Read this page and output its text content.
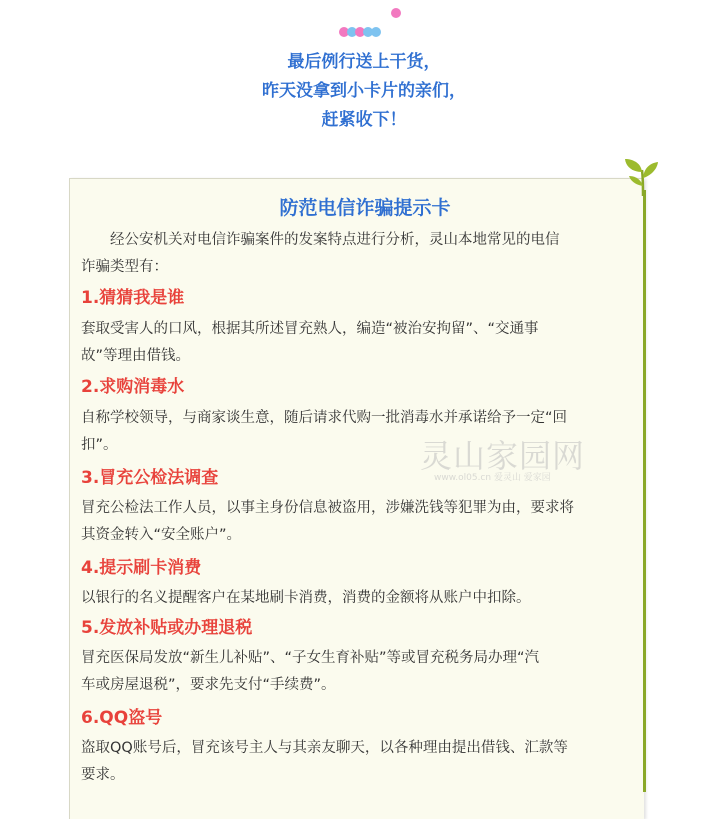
最后例行送上干货，
昨天没拿到小卡片的亲们，
赶紧收下！
防范电信诈骗提示卡
　　经公安机关对电信诈骗案件的发案特点进行分析，灵山本地常见的电信
诈骗类型有：
1.猜猜我是谁
套取受害人的口风，根据其所述冒充熟人，编造“被治安拘留”、“交通事
故”等理由借钱。
2.求购消毒水
自称学校领导，与商家谈生意，随后请求代购一批消毒水并承诺给予一定“回
扣”。
3.冒充公检法调查
冒充公检法工作人员，以事主身份信息被盗用，涉嫌洗钱等犯罪为由，要求将
其资金转入“安全账户”。
4.提示刷卡消费
以银行的名义提醒客户在某地刷卡消费，消费的金额将从账户中扣除。
5.发放补贴或办理退税
冒充医保局发放“新生儿补贴”、“子女生育补贴”等或冒充税务局办理“汽
车或房屋退税”，要求先支付“手续费”。
6.QQ盗号
盗取QQ账号后，冒充该号主人与其亲友聊天，以各种理由提出借钱、汇款等
要求。
灵山家园网
www.ol05.cn 爱灵山 爱家园
